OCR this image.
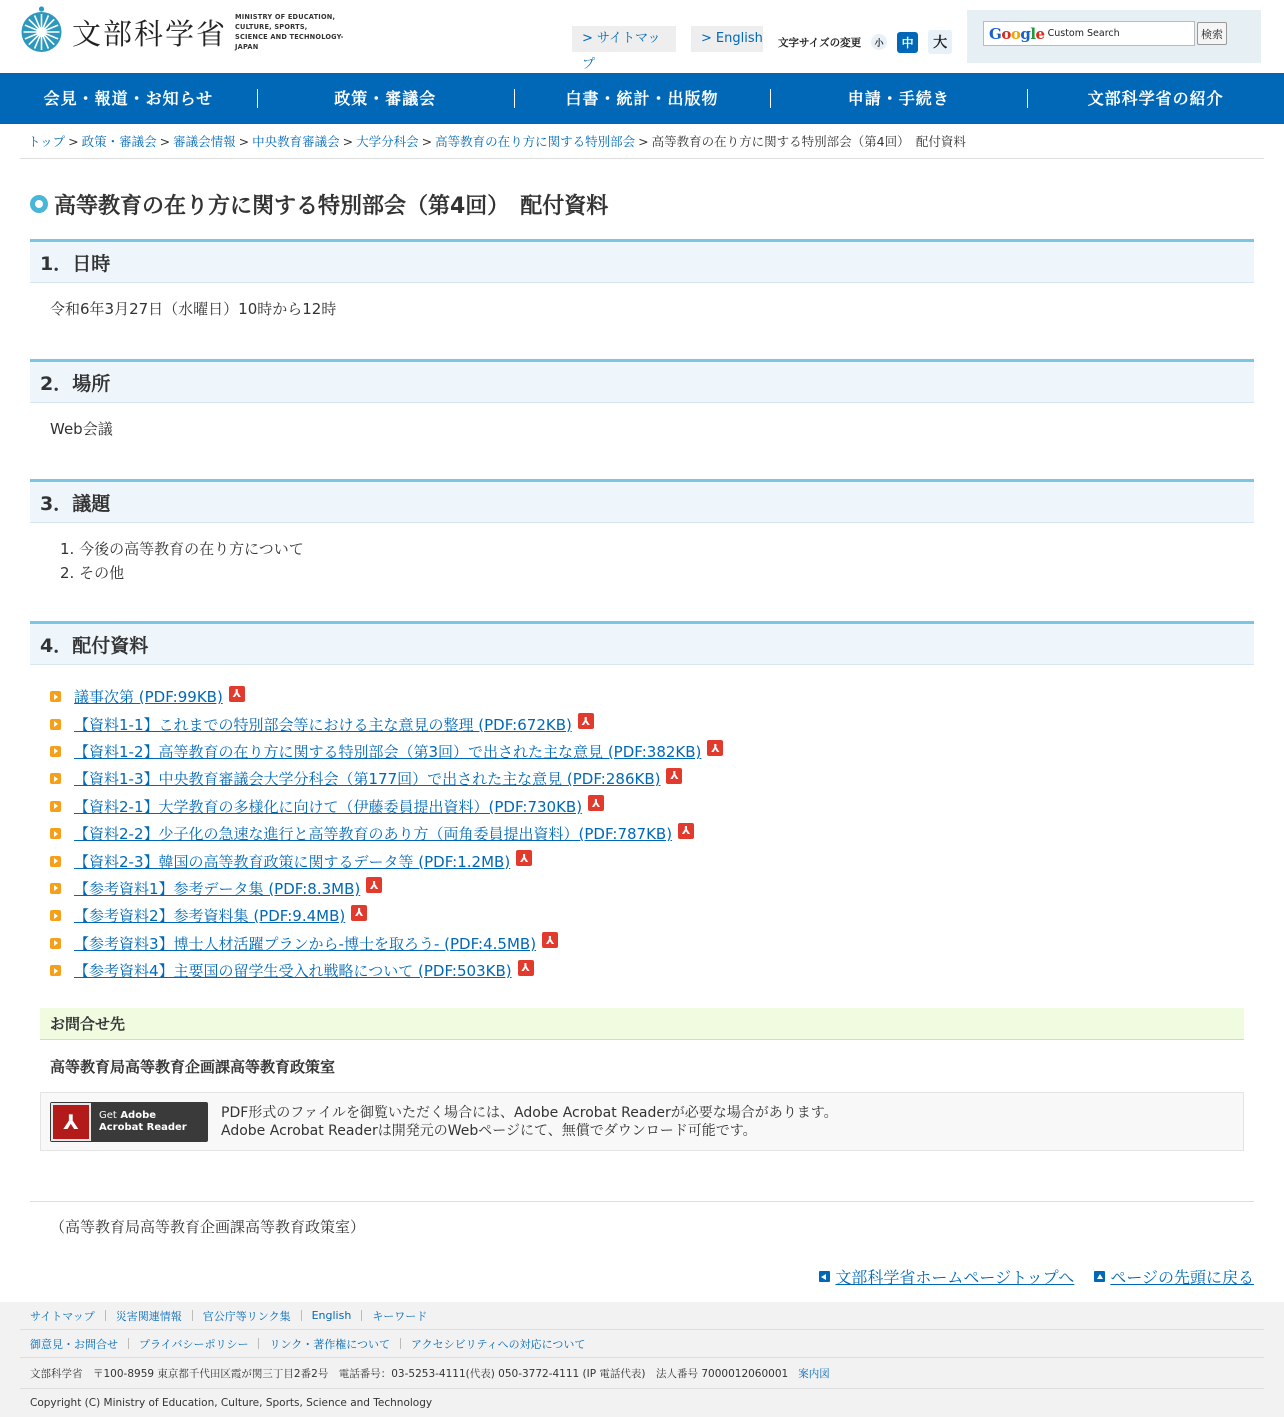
文部科学省 MINISTRY OF EDUCATION,
CULTURE, SPORTS,
SCIENCE AND TECHNOLOGY-JAPAN
> サイトマップ
> English 文字サイズの変更	小	中	大
Google Custom Search	検索
会見・報道・お知らせ	政策・審議会	白書・統計・出版物	申請・手続き	文部科学省の紹介
トップ > 政策・審議会 > 審議会情報 > 中央教育審議会 > 大学分科会 > 高等教育の在り方に関する特別部会 > 高等教育の在り方に関する特別部会（第4回）　配付資料
高等教育の在り方に関する特別部会（第4回）　配付資料
1．日時
令和6年3月27日（水曜日）10時から12時
2．場所
Web会議
3．議題
1. 今後の高等教育の在り方について
2. その他
4．配付資料
議事次第 (PDF:99KB) ⅄
【資料1-1】これまでの特別部会等における主な意見の整理 (PDF:672KB) ⅄
【資料1-2】高等教育の在り方に関する特別部会（第3回）で出された主な意見 (PDF:382KB) ⅄
【資料1-3】中央教育審議会大学分科会（第177回）で出された主な意見 (PDF:286KB) ⅄
【資料2-1】大学教育の多様化に向けて（伊藤委員提出資料）(PDF:730KB) ⅄
【資料2-2】少子化の急速な進行と高等教育のあり方（両角委員提出資料）(PDF:787KB) ⅄
【資料2-3】韓国の高等教育政策に関するデータ等 (PDF:1.2MB) ⅄
【参考資料1】参考データ集 (PDF:8.3MB) ⅄
【参考資料2】参考資料集 (PDF:9.4MB) ⅄
【参考資料3】博士人材活躍プランから-博士を取ろう- (PDF:4.5MB) ⅄
【参考資料4】主要国の留学生受入れ戦略について (PDF:503KB) ⅄
お問合せ先
高等教育局高等教育企画課高等教育政策室
⅄	Get Adobe
Acrobat Reader
PDF形式のファイルを御覧いただく場合には、Adobe Acrobat Readerが必要な場合があります。
Adobe Acrobat Readerは開発元のWebページにて、無償でダウンロード可能です。
（高等教育局高等教育企画課高等教育政策室）
文部科学省ホームページトップへ ページの先頭に戻る
サイトマップ 災害関連情報 官公庁等リンク集 English キーワード
御意見・お問合せ プライバシーポリシー リンク・著作権について アクセシビリティへの対応について
文部科学省　〒100-8959 東京都千代田区霞が関三丁目2番2号　電話番号：03-5253-4111(代表) 050-3772-4111 (IP 電話代表)　法人番号 7000012060001 案内図
Copyright (C) Ministry of Education, Culture, Sports, Science and Technology
